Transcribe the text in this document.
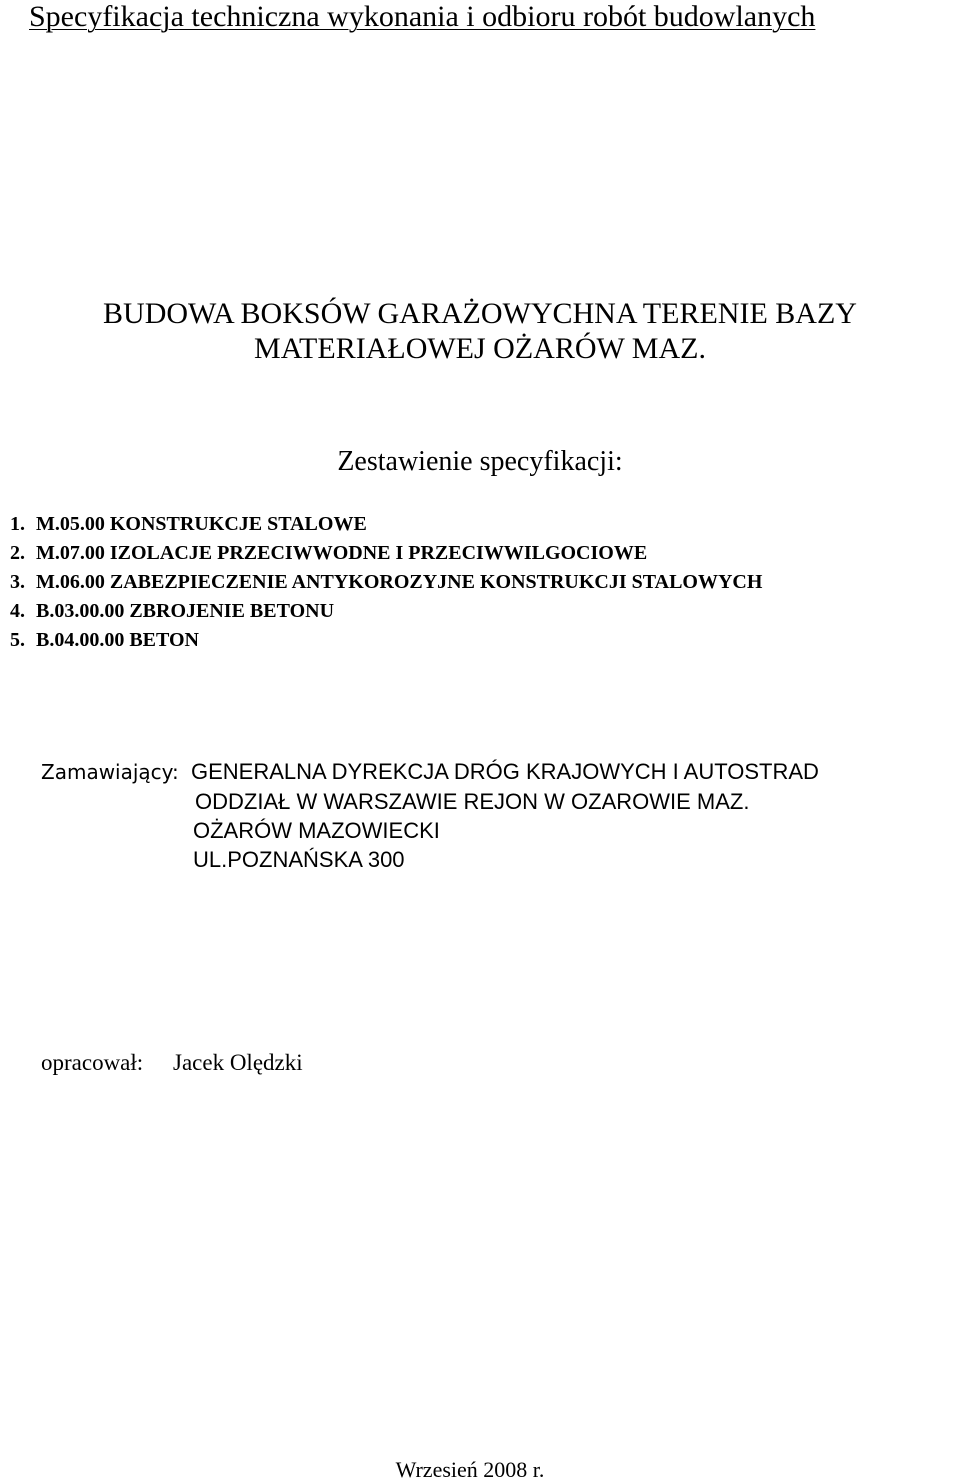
Specyfikacja techniczna wykonania i odbioru robót budowlanych
BUDOWA BOKSÓW GARAŻOWYCHNA TERENIE BAZY
MATERIAŁOWEJ OŻARÓW MAZ.
Zestawienie specyfikacji:
1. M.05.00 KONSTRUKCJE STALOWE
2. M.07.00 IZOLACJE PRZECIWWODNE I PRZECIWWILGOCIOWE
3. M.06.00 ZABEZPIECZENIE ANTYKOROZYJNE KONSTRUKCJI STALOWYCH
4. B.03.00.00 ZBROJENIE BETONU
5. B.04.00.00 BETON
Zamawiający: GENERALNA DYREKCJA DRÓG KRAJOWYCH I AUTOSTRAD
ODDZIAŁ W WARSZAWIE REJON W OZAROWIE MAZ.
OŻARÓW MAZOWIECKI
UL.POZNAŃSKA 300
opracował: Jacek Olędzki
Wrzesień 2008 r.
